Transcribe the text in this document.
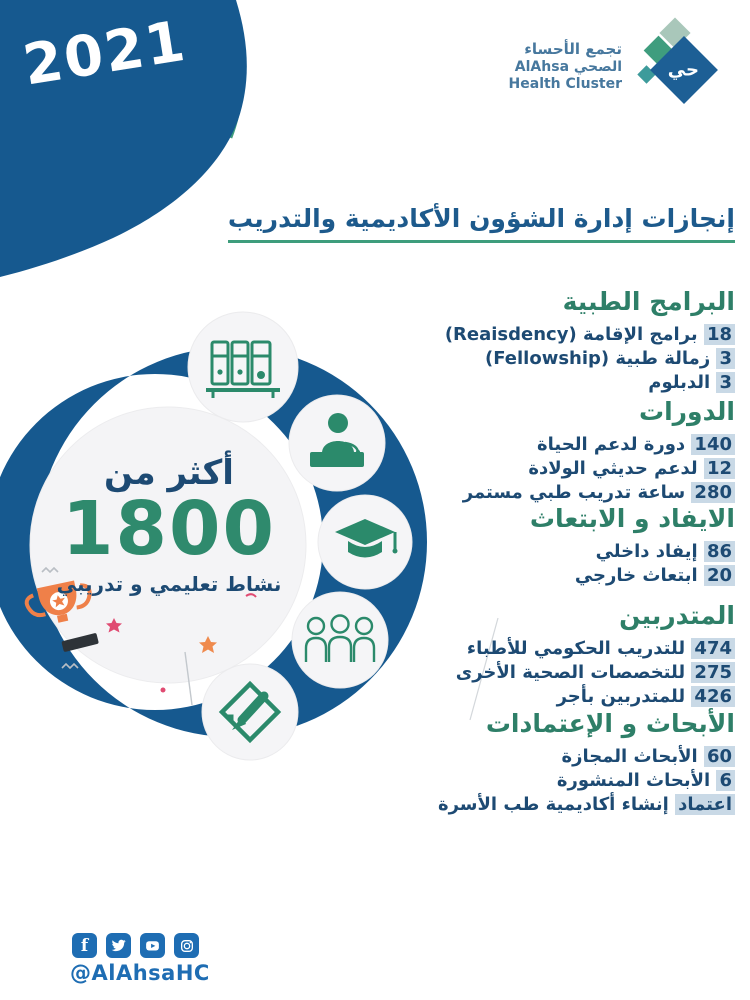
2021	تجمع الأحساء
AlAhsa الصحي
Health Cluster
حي
إنجازات إدارة الشؤون الأكاديمية والتدريب
أكثر من
1800
نشاط تعليمي و تدريبي
البرامج الطبية
18 برامج الإقامة (Reaisdency)
3 زمالة طبية (Fellowship)
3 الدبلوم
الدورات
140 دورة لدعم الحياة
12 لدعم حديثي الولادة
280 ساعة تدريب طبي مستمر
الايفاد و الابتعاث
86 إيفاد داخلي
20 ابتعاث خارجي
المتدربين
474 للتدريب الحكومي للأطباء
275 للتخصصات الصحية الأخرى
426 للمتدربين بأجر
الأبحاث و الإعتمادات
60 الأبحاث المجازة
6 الأبحاث المنشورة
اعتماد إنشاء أكاديمية طب الأسرة
f
@AlAhsaHC
